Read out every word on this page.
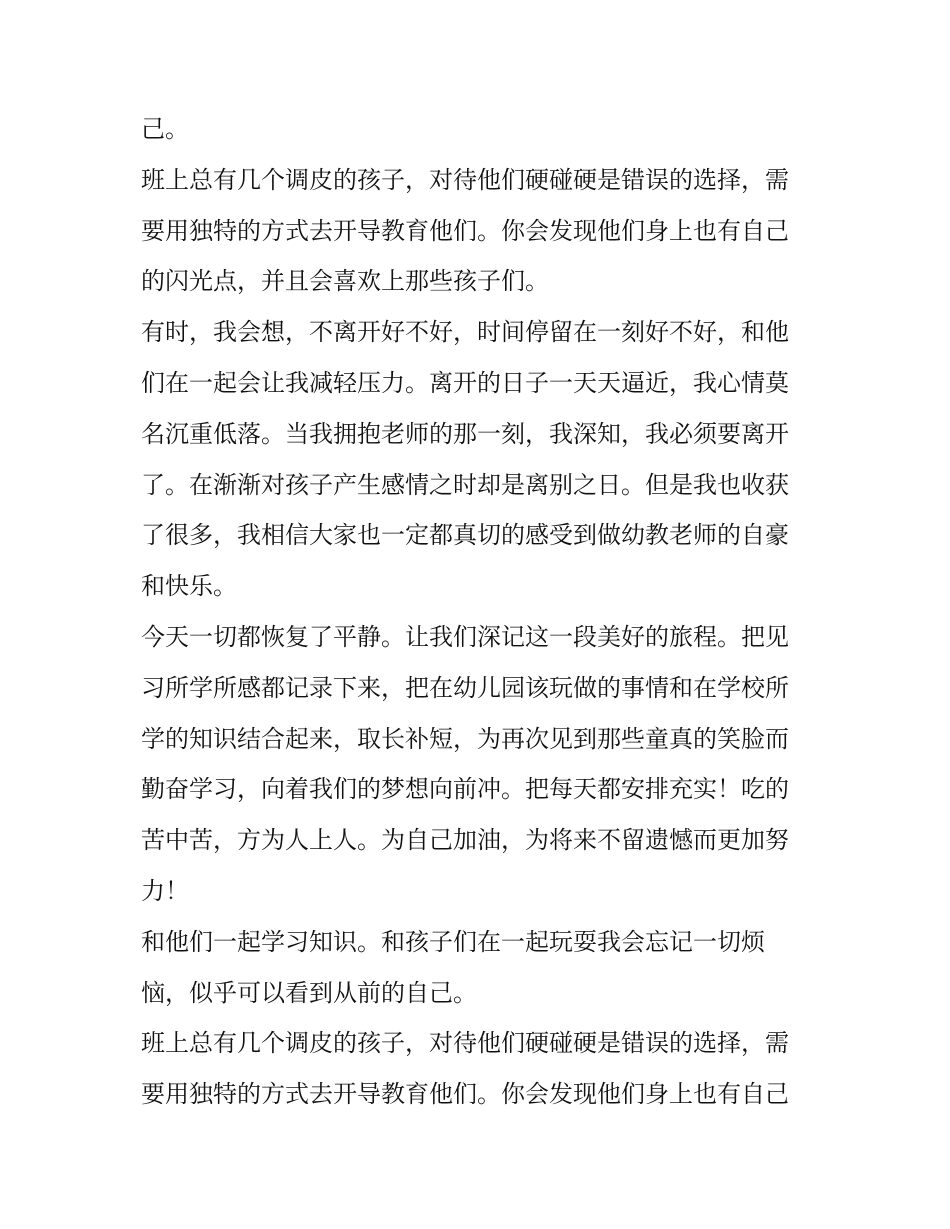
己。
班上总有几个调皮的孩子，对待他们硬碰硬是错误的选择，需
要用独特的方式去开导教育他们。你会发现他们身上也有自己
的闪光点，并且会喜欢上那些孩子们。
有时，我会想，不离开好不好，时间停留在一刻好不好，和他
们在一起会让我减轻压力。离开的日子一天天逼近，我心情莫
名沉重低落。当我拥抱老师的那一刻，我深知，我必须要离开
了。在渐渐对孩子产生感情之时却是离别之日。但是我也收获
了很多，我相信大家也一定都真切的感受到做幼教老师的自豪
和快乐。
今天一切都恢复了平静。让我们深记这一段美好的旅程。把见
习所学所感都记录下来，把在幼儿园该玩做的事情和在学校所
学的知识结合起来，取长补短，为再次见到那些童真的笑脸而
勤奋学习，向着我们的梦想向前冲。把每天都安排充实！吃的
苦中苦，方为人上人。为自己加油，为将来不留遗憾而更加努
力！
和他们一起学习知识。和孩子们在一起玩耍我会忘记一切烦
恼，似乎可以看到从前的自己。
班上总有几个调皮的孩子，对待他们硬碰硬是错误的选择，需
要用独特的方式去开导教育他们。你会发现他们身上也有自己
